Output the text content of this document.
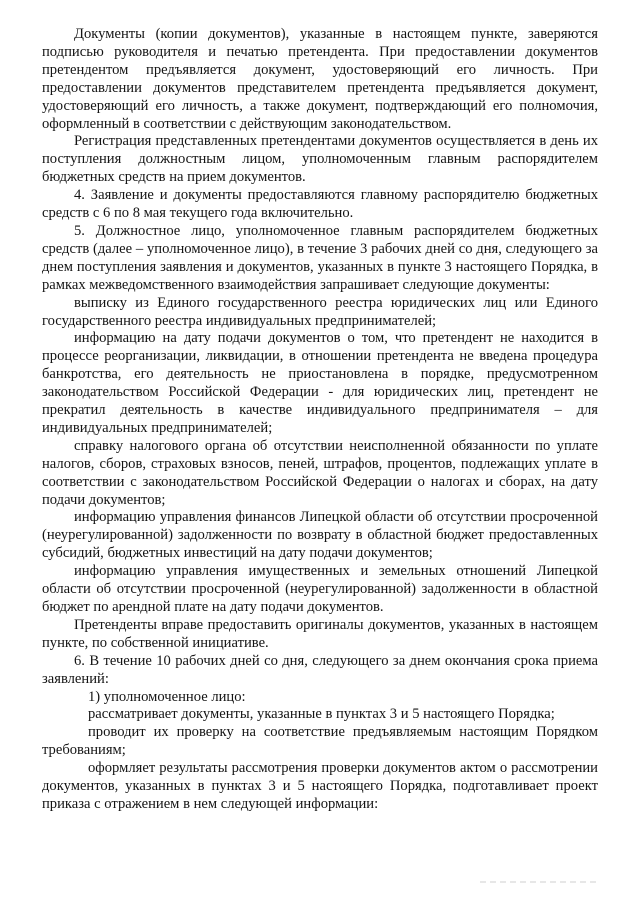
Документы (копии документов), указанные в настоящем пункте, заверяются подписью руководителя и печатью претендента. При предоставлении документов претендентом предъявляется документ, удостоверяющий его личность. При предоставлении документов представителем претендента предъявляется документ, удостоверяющий его личность, а также документ, подтверждающий его полномочия, оформленный в соответствии с действующим законодательством.

Регистрация представленных претендентами документов осуществляется в день их поступления должностным лицом, уполномоченным главным распорядителем бюджетных средств на прием документов.

4. Заявление и документы предоставляются главному распорядителю бюджетных средств с 6 по 8 мая текущего года включительно.

5. Должностное лицо, уполномоченное главным распорядителем бюджетных средств (далее – уполномоченное лицо), в течение 3 рабочих дней со дня, следующего за днем поступления заявления и документов, указанных в пункте 3 настоящего Порядка, в рамках межведомственного взаимодействия запрашивает следующие документы:

выписку из Единого государственного реестра юридических лиц или Единого государственного реестра индивидуальных предпринимателей;

информацию на дату подачи документов о том, что претендент не находится в процессе реорганизации, ликвидации, в отношении претендента не введена процедура банкротства, его деятельность не приостановлена в порядке, предусмотренном законодательством Российской Федерации - для юридических лиц, претендент не прекратил деятельность в качестве индивидуального предпринимателя – для индивидуальных предпринимателей;

справку налогового органа об отсутствии неисполненной обязанности по уплате налогов, сборов, страховых взносов, пеней, штрафов, процентов, подлежащих уплате в соответствии с законодательством Российской Федерации о налогах и сборах, на дату подачи документов;

информацию управления финансов Липецкой области об отсутствии просроченной (неурегулированной) задолженности по возврату в областной бюджет предоставленных субсидий, бюджетных инвестиций на дату подачи документов;

информацию управления имущественных и земельных отношений Липецкой области об отсутствии просроченной (неурегулированной) задолженности в областной бюджет по арендной плате на дату подачи документов.

Претенденты вправе предоставить оригиналы документов, указанных в настоящем пункте, по собственной инициативе.

6. В течение 10 рабочих дней со дня, следующего за днем окончания срока приема заявлений:

1) уполномоченное лицо:

рассматривает документы, указанные в пунктах 3 и 5 настоящего Порядка;

проводит их проверку на соответствие предъявляемым настоящим Порядком требованиям;

оформляет результаты рассмотрения проверки документов актом о рассмотрении документов, указанных в пунктах 3 и 5 настоящего Порядка, подготавливает проект приказа с отражением в нем следующей информации:
